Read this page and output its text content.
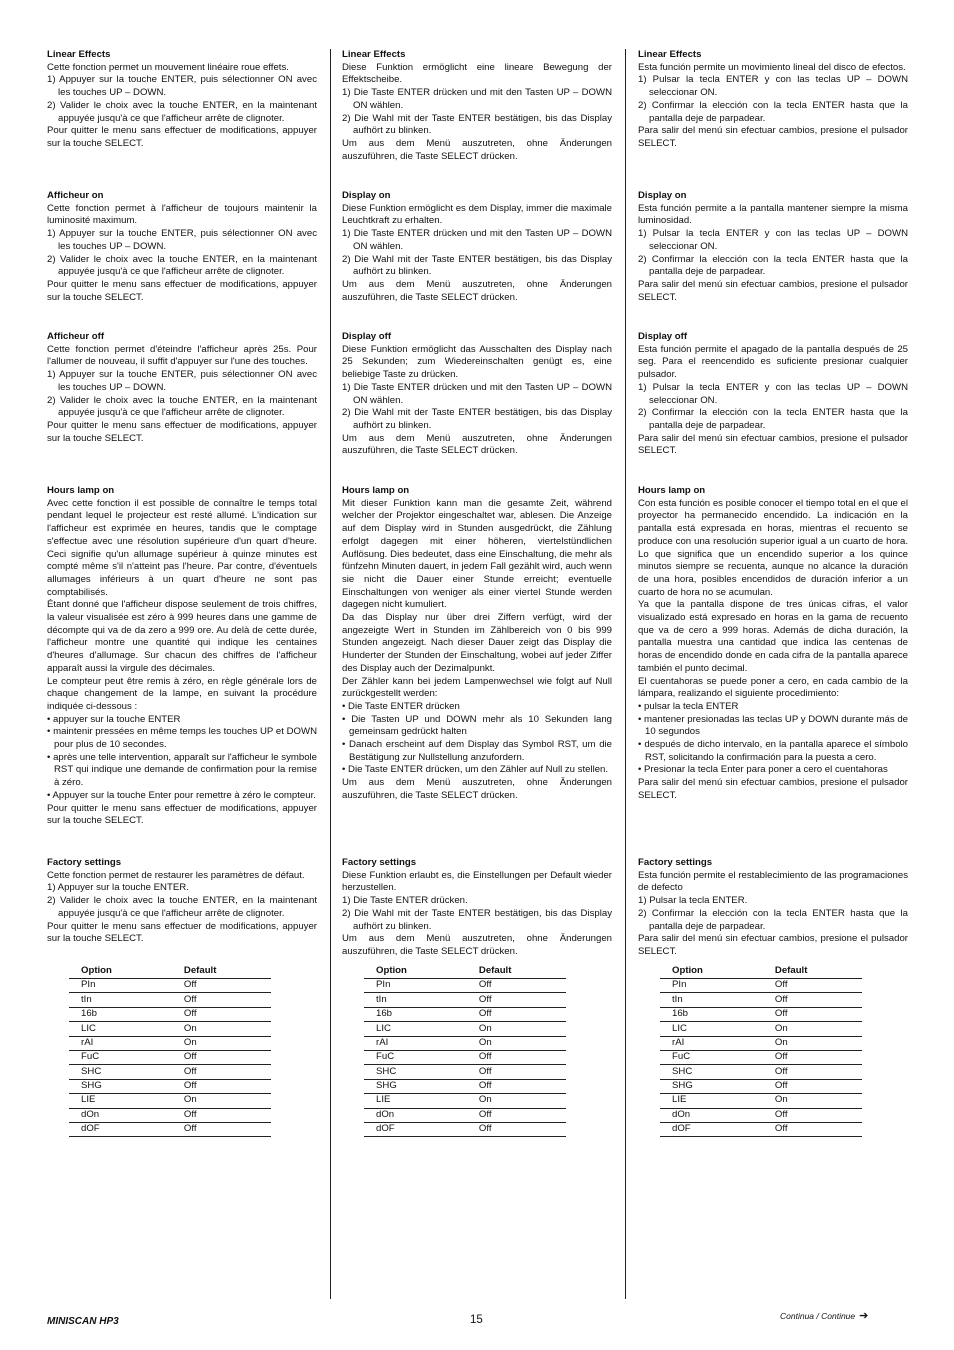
Linear Effects

Cette fonction permet un mouvement linéaire roue effets.

1) Appuyer sur la touche ENTER, puis sélectionner ON avec les touches UP – DOWN.

2) Valider le choix avec la touche ENTER, en la maintenant appuyée jusqu'à ce que l'afficheur arrête de clignoter.

Pour quitter le menu sans effectuer de modifications, appuyer sur la touche SELECT.

Afficheur on

Cette fonction permet à l'afficheur de toujours maintenir la luminosité maximum.

1) Appuyer sur la touche ENTER, puis sélectionner ON avec les touches UP – DOWN.

2) Valider le choix avec la touche ENTER, en la maintenant appuyée jusqu'à ce que l'afficheur arrête de clignoter.

Pour quitter le menu sans effectuer de modifications, appuyer sur la touche SELECT.

Afficheur off

Cette fonction permet d'éteindre l'afficheur après 25s. Pour l'allumer de nouveau, il suffit d'appuyer sur l'une des touches.

1) Appuyer sur la touche ENTER, puis sélectionner ON avec les touches UP – DOWN.

2) Valider le choix avec la touche ENTER, en la maintenant appuyée jusqu'à ce que l'afficheur arrête de clignoter.

Pour quitter le menu sans effectuer de modifications, appuyer sur la touche SELECT.

Hours lamp on

Avec cette fonction il est possible de connaître le temps total pendant lequel le projecteur est resté allumé. L'indication sur l'afficheur est exprimée en heures, tandis que le comptage s'effectue avec une résolution supérieure d'un quart d'heure. Ceci signifie qu'un allumage supérieur à quinze minutes est compté même s'il n'atteint pas l'heure. Par contre, d'éventuels allumages inférieurs à un quart d'heure ne sont pas comptabilisés.

Étant donné que l'afficheur dispose seulement de trois chiffres, la valeur visualisée est zéro à 999 heures dans une gamme de décompte qui va de da zero a 999 ore. Au delà de cette durée, l'afficheur montre une quantité qui indique les centaines d'heures d'allumage. Sur chacun des chiffres de l'afficheur apparaît aussi la virgule des décimales.

Le compteur peut être remis à zéro, en règle générale lors de chaque changement de la lampe, en suivant la procédure indiquée ci-dessous :

• appuyer sur la touche ENTER

• maintenir pressées en même temps les touches UP et DOWN pour plus de 10 secondes.

• après une telle intervention, apparaît sur l'afficheur le symbole RST qui indique une demande de confirmation pour la remise à zéro.

• Appuyer sur la touche Enter pour remettre à zéro le compteur.

Pour quitter le menu sans effectuer de modifications, appuyer sur la touche SELECT.

Factory settings

Cette fonction permet de restaurer les paramètres de défaut.

1) Appuyer sur la touche ENTER.

2) Valider le choix avec la touche ENTER, en la maintenant appuyée jusqu'à ce que l'afficheur arrête de clignoter.

Pour quitter le menu sans effectuer de modifications, appuyer sur la touche SELECT.

Option	Default
PIn	Off
tIn	Off
16b	Off
LIC	On
rAI	On
FuC	Off
SHC	Off
SHG	Off
LIE	On
dOn	Off
dOF	Off
Linear Effects

Diese Funktion ermöglicht eine lineare Bewegung der Effektscheibe.

1) Die Taste ENTER drücken und mit den Tasten UP – DOWN ON wählen.

2) Die Wahl mit der Taste ENTER bestätigen, bis das Display aufhört zu blinken.

Um aus dem Menü auszutreten, ohne Änderungen auszuführen, die Taste SELECT drücken.

Display on

Diese Funktion ermöglicht es dem Display, immer die maximale Leuchtkraft zu erhalten.

1) Die Taste ENTER drücken und mit den Tasten UP – DOWN ON wählen.

2) Die Wahl mit der Taste ENTER bestätigen, bis das Display aufhört zu blinken.

Um aus dem Menü auszutreten, ohne Änderungen auszuführen, die Taste SELECT drücken.

Display off

Diese Funktion ermöglicht das Ausschalten des Display nach 25 Sekunden; zum Wiedereinschalten genügt es, eine beliebige Taste zu drücken.

1) Die Taste ENTER drücken und mit den Tasten UP – DOWN ON wählen.

2) Die Wahl mit der Taste ENTER bestätigen, bis das Display aufhört zu blinken.

Um aus dem Menü auszutreten, ohne Änderungen auszuführen, die Taste SELECT drücken.

Hours lamp on

Mit dieser Funktion kann man die gesamte Zeit, während welcher der Projektor eingeschaltet war, ablesen. Die Anzeige auf dem Display wird in Stunden ausgedrückt, die Zählung erfolgt dagegen mit einer höheren, viertelstündlichen Auflösung. Dies bedeutet, dass eine Einschaltung, die mehr als fünfzehn Minuten dauert, in jedem Fall gezählt wird, auch wenn sie nicht die Dauer einer Stunde erreicht; eventuelle Einschaltungen von weniger als einer viertel Stunde werden dagegen nicht kumuliert.

Da das Display nur über drei Ziffern verfügt, wird der angezeigte Wert in Stunden im Zählbereich von 0 bis 999 Stunden angezeigt. Nach dieser Dauer zeigt das Display die Hunderter der Stunden der Einschaltung, wobei auf jeder Ziffer des Display auch der Dezimalpunkt.

Der Zähler kann bei jedem Lampenwechsel wie folgt auf Null zurückgestellt werden:

• Die Taste ENTER drücken

• Die Tasten UP und DOWN mehr als 10 Sekunden lang gemeinsam gedrückt halten

• Danach erscheint auf dem Display das Symbol RST, um die Bestätigung zur Nullstellung anzufordern.

• Die Taste ENTER drücken, um den Zähler auf Null zu stellen.

Um aus dem Menü auszutreten, ohne Änderungen auszuführen, die Taste SELECT drücken.

Factory settings

Diese Funktion erlaubt es, die Einstellungen per Default wieder herzustellen.

1) Die Taste ENTER drücken.

2) Die Wahl mit der Taste ENTER bestätigen, bis das Display aufhört zu blinken.

Um aus dem Menü auszutreten, ohne Änderungen auszuführen, die Taste SELECT drücken.

Option	Default
PIn	Off
tIn	Off
16b	Off
LIC	On
rAI	On
FuC	Off
SHC	Off
SHG	Off
LIE	On
dOn	Off
dOF	Off
Linear Effects

Esta función permite un movimiento lineal del disco de efectos.

1) Pulsar la tecla ENTER y con las teclas UP – DOWN seleccionar ON.

2) Confirmar la elección con la tecla ENTER hasta que la pantalla deje de parpadear.

Para salir del menú sin efectuar cambios, presione el pulsador SELECT.

Display on

Esta función permite a la pantalla mantener siempre la misma luminosidad.

1) Pulsar la tecla ENTER y con las teclas UP – DOWN seleccionar ON.

2) Confirmar la elección con la tecla ENTER hasta que la pantalla deje de parpadear.

Para salir del menú sin efectuar cambios, presione el pulsador SELECT.

Display off

Esta función permite el apagado de la pantalla después de 25 seg. Para el reencendido es suficiente presionar cualquier pulsador.

1) Pulsar la tecla ENTER y con las teclas UP – DOWN seleccionar ON.

2) Confirmar la elección con la tecla ENTER hasta que la pantalla deje de parpadear.

Para salir del menú sin efectuar cambios, presione el pulsador SELECT.

Hours lamp on

Con esta función es posible conocer el tiempo total en el que el proyector ha permanecido encendido. La indicación en la pantalla está expresada en horas, mientras el recuento se produce con una resolución superior igual a un cuarto de hora. Lo que significa que un encendido superior a los quince minutos siempre se recuenta, aunque no alcance la duración de una hora, posibles encendidos de duración inferior a un cuarto de hora no se acumulan.

Ya que la pantalla dispone de tres únicas cifras, el valor visualizado está expresado en horas en la gama de recuento que va de cero a 999 horas. Además de dicha duración, la pantalla muestra una cantidad que indica las centenas de horas de encendido donde en cada cifra de la pantalla aparece también el punto decimal.

El cuentahoras se puede poner a cero, en cada cambio de la lámpara, realizando el siguiente procedimiento:

• pulsar la tecla ENTER

• mantener presionadas las teclas UP y DOWN durante más de 10 segundos

• después de dicho intervalo, en la pantalla aparece el símbolo RST, solicitando la confirmación para la puesta a cero.

• Presionar la tecla Enter para poner a cero el cuentahoras

Para salir del menú sin efectuar cambios, presione el pulsador SELECT.

Factory settings

Esta función permite el restablecimiento de las programaciones de defecto

1) Pulsar la tecla ENTER.

2) Confirmar la elección con la tecla ENTER hasta que la pantalla deje de parpadear.

Para salir del menú sin efectuar cambios, presione el pulsador SELECT.

Option	Default
PIn	Off
tIn	Off
16b	Off
LIC	On
rAI	On
FuC	Off
SHC	Off
SHG	Off
LIE	On
dOn	Off
dOF	Off
MINISCAN HP3	15	Continua / Continue ➔
